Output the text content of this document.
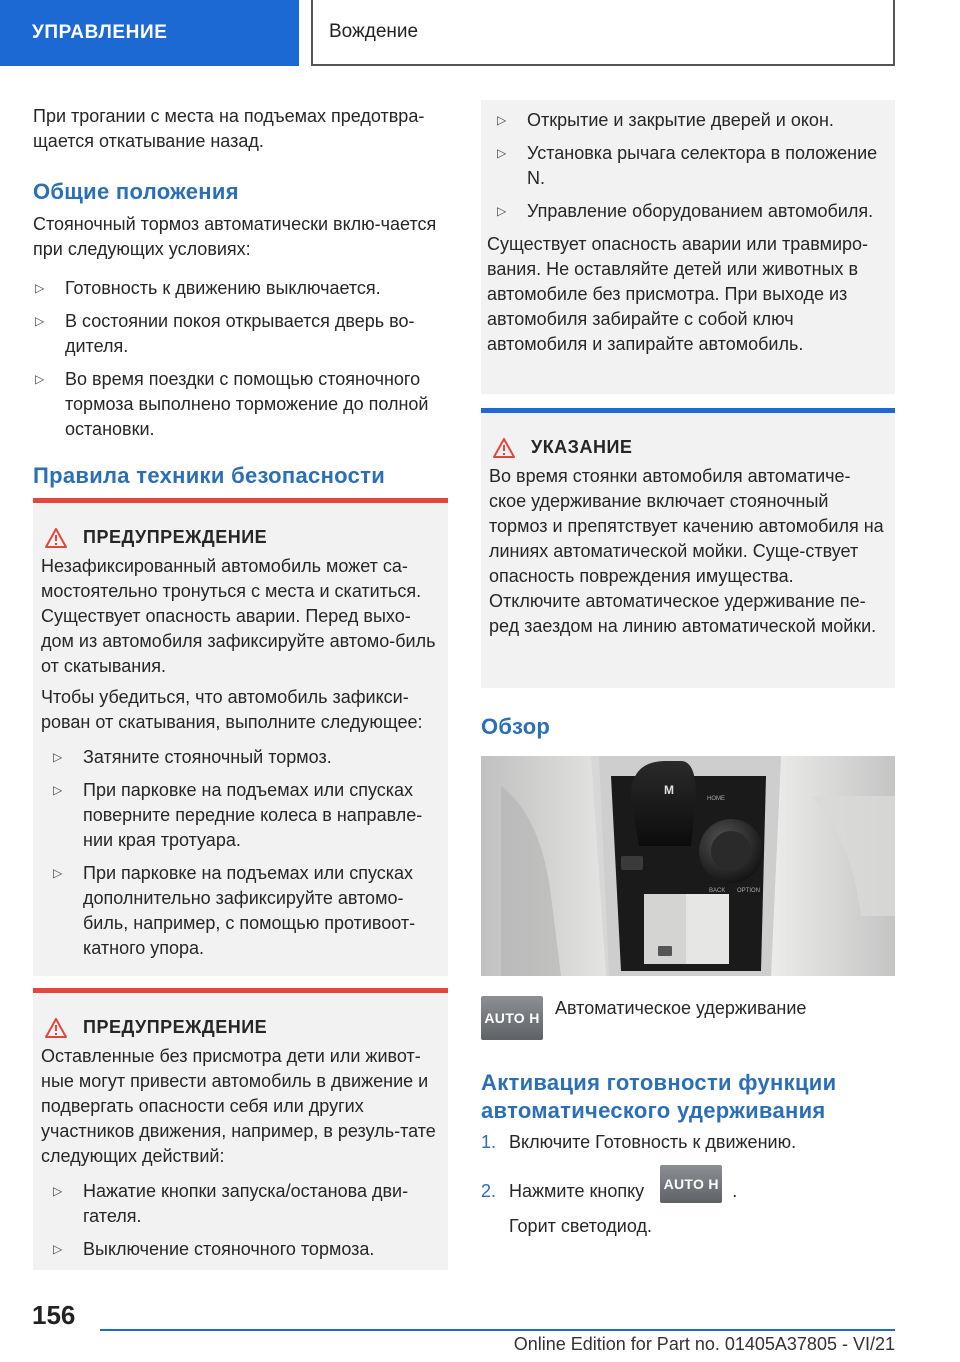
УПРАВЛЕНИЕ	Вождение

При трогании с места на подъемах предотвра-щается откатывание назад.

Общие положения

Стояночный тормоз автоматически вклю-чается при следующих условиях:

▷ Готовность к движению выключается.
▷ В состоянии покоя открывается дверь во-дителя.
▷ Во время поездки с помощью стояночного тормоза выполнено торможение до полной остановки.
Правила техники безопасности
ПРЕДУПРЕЖДЕНИЕ

Незафиксированный автомобиль может са-мостоятельно тронуться с места и скатиться. Существует опасность аварии. Перед выхо-дом из автомобиля зафиксируйте автомо-биль от скатывания.

Чтобы убедиться, что автомобиль зафикси-рован от скатывания, выполните следующее:

▷ Затяните стояночный тормоз.
▷ При парковке на подъемах или спусках поверните передние колеса в направле-нии края тротуара.
▷ При парковке на подъемах или спусках дополнительно зафиксируйте автомо-биль, например, с помощью противоот-катного упора.
ПРЕДУПРЕЖДЕНИЕ

Оставленные без присмотра дети или живот-ные могут привести автомобиль в движение и подвергать опасности себя или других участников движения, например, в резуль-тате следующих действий:

▷ Нажатие кнопки запуска/останова дви-гателя.
▷ Выключение стояночного тормоза.
▷ Открытие и закрытие дверей и окон.
▷ Установка рычага селектора в положение N.
▷ Управление оборудованием автомобиля.

Существует опасность аварии или травмиро-вания. Не оставляйте детей или животных в автомобиле без присмотра. При выходе из автомобиля забирайте с собой ключ автомобиля и запирайте автомобиль.

УКАЗАНИЕ

Во время стоянки автомобиля автоматиче-ское удерживание включает стояночный тормоз и препятствует качению автомобиля на линиях автоматической мойки. Суще-ствует опасность повреждения имущества. Отключите автоматическое удерживание пе-ред заездом на линию автоматической мойки.

Обзор
M
HOME
BACK OPTION
AUTO H Автоматическое удерживание
Активация готовности функции автоматического удерживания
1. Включите Готовность к движению.
2. Нажмите кнопку AUTO H .

Горит светодиод.

156
Online Edition for Part no. 01405A37805 - VI/21
